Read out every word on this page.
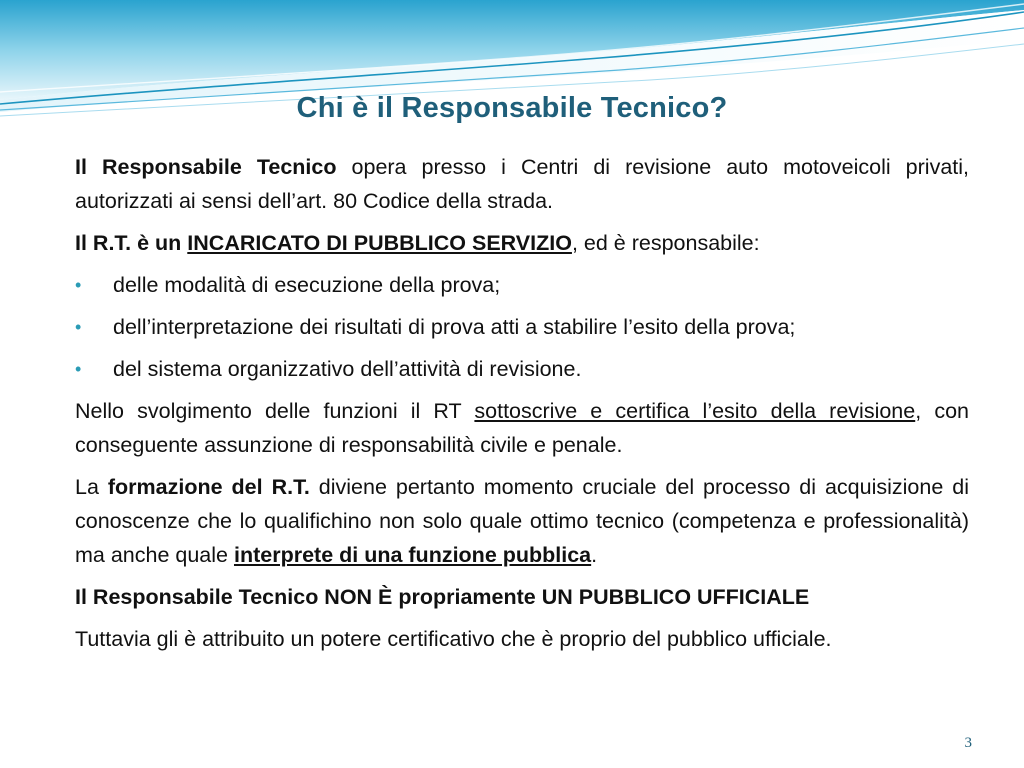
Chi è il Responsabile Tecnico?

Il Responsabile Tecnico opera presso i Centri di revisione auto motoveicoli privati, autorizzati ai sensi dell’art. 80 Codice della strada.

Il R.T. è un INCARICATO DI PUBBLICO SERVIZIO, ed è responsabile:

• delle modalità di esecuzione della prova;
• dell’interpretazione dei risultati di prova atti a stabilire l’esito della prova;
• del sistema organizzativo dell’attività di revisione.

Nello svolgimento delle funzioni il RT sottoscrive e certifica l’esito della revisione, con conseguente assunzione di responsabilità civile e penale.

La formazione del R.T. diviene pertanto momento cruciale del processo di acquisizione di conoscenze che lo qualifichino non solo quale ottimo tecnico (competenza e professionalità) ma anche quale interprete di una funzione pubblica.

Il Responsabile Tecnico NON È propriamente UN PUBBLICO UFFICIALE

Tuttavia gli è attribuito un potere certificativo che è proprio del pubblico ufficiale.

3
